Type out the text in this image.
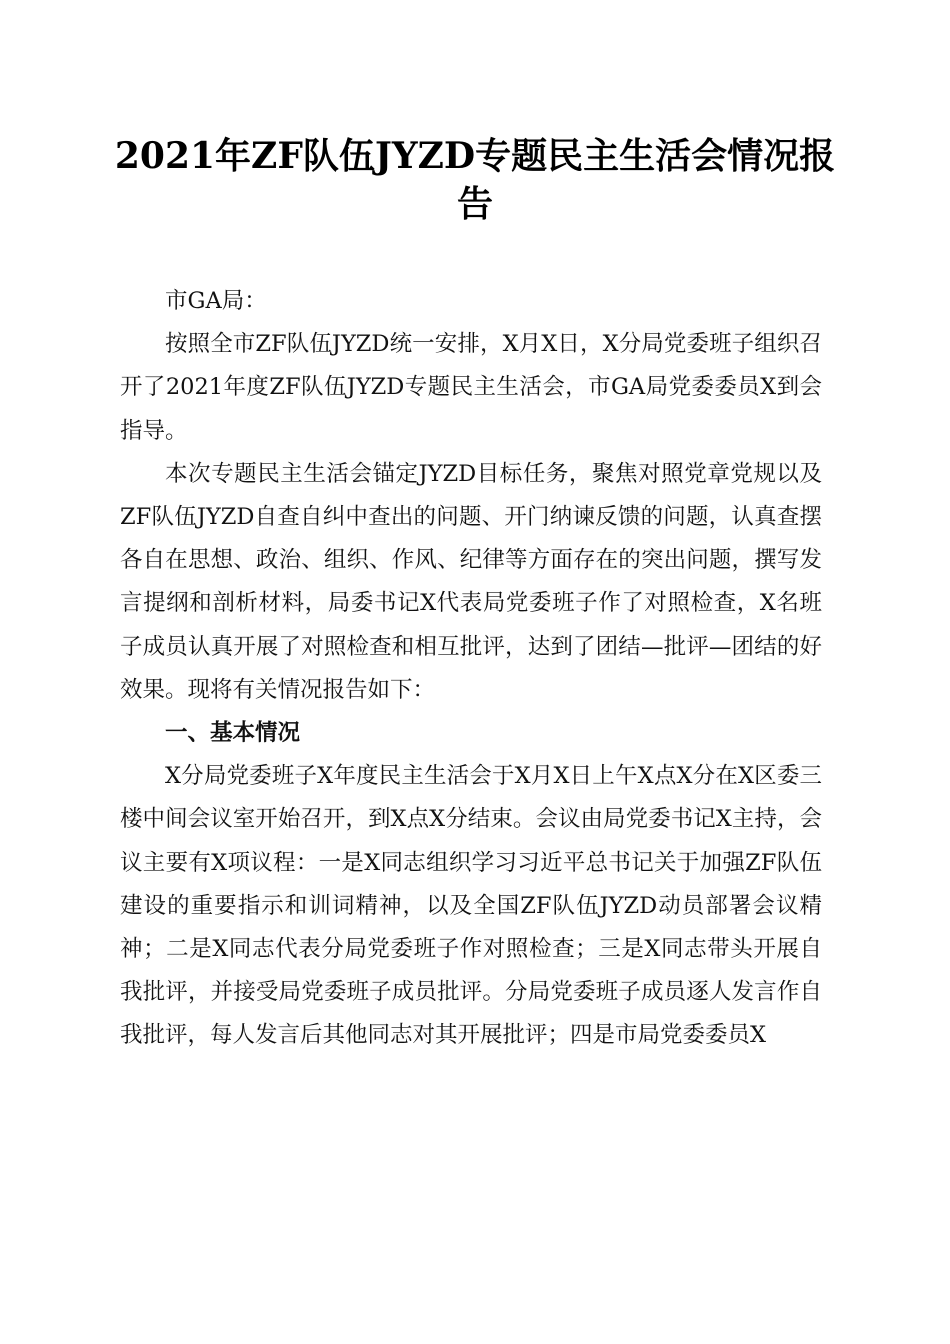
2021年ZF队伍JYZD专题民主生活会情况报告

市GA局：

按照全市ZF队伍JYZD统一安排，X月X日，X分局党委班子组织召开了2021年度ZF队伍JYZD专题民主生活会，市GA局党委委员X到会指导。

本次专题民主生活会锚定JYZD目标任务，聚焦对照党章党规以及ZF队伍JYZD自查自纠中查出的问题、开门纳谏反馈的问题，认真查摆各自在思想、政治、组织、作风、纪律等方面存在的突出问题，撰写发言提纲和剖析材料，局委书记X代表局党委班子作了对照检查，X名班子成员认真开展了对照检查和相互批评，达到了团结—批评—团结的好效果。现将有关情况报告如下：

一、基本情况

X分局党委班子X年度民主生活会于X月X日上午X点X分在X区委三楼中间会议室开始召开，到X点X分结束。会议由局党委书记X主持，会议主要有X项议程：一是X同志组织学习习近平总书记关于加强ZF队伍建设的重要指示和训词精神，以及全国ZF队伍JYZD动员部署会议精神；二是X同志代表分局党委班子作对照检查；三是X同志带头开展自我批评，并接受局党委班子成员批评。分局党委班子成员逐人发言作自我批评，每人发言后其他同志对其开展批评；四是市局党委委员X
